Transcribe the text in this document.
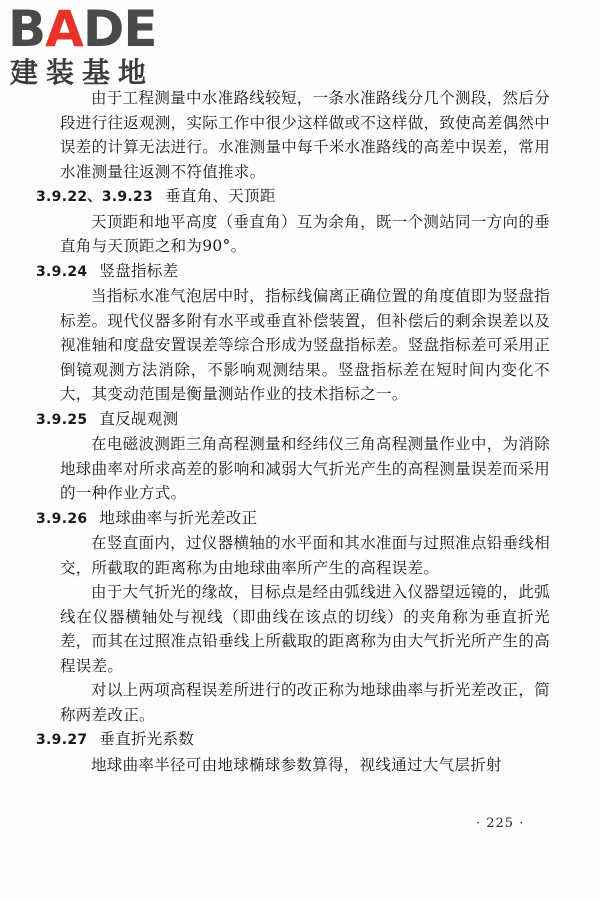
BADE
建装基地

由于工程测量中水准路线较短，一条水准路线分几个测段，然后分段进行往返观测，实际工作中很少这样做或不这样做，致使高差偶然中误差的计算无法进行。水准测量中每千米水准路线的高差中误差，常用水准测量往返测不符值推求。

3.9.22、3.9.23 垂直角、天顶距

天顶距和地平高度（垂直角）互为余角，既一个测站同一方向的垂直角与天顶距之和为90°。

3.9.24 竖盘指标差

当指标水准气泡居中时，指标线偏离正确位置的角度值即为竖盘指标差。现代仪器多附有水平或垂直补偿装置，但补偿后的剩余误差以及视准轴和度盘安置误差等综合形成为竖盘指标差。竖盘指标差可采用正倒镜观测方法消除，不影响观测结果。竖盘指标差在短时间内变化不大，其变动范围是衡量测站作业的技术指标之一。

3.9.25 直反觇观测

在电磁波测距三角高程测量和经纬仪三角高程测量作业中，为消除地球曲率对所求高差的影响和减弱大气折光产生的高程测量误差而采用的一种作业方式。

3.9.26 地球曲率与折光差改正

在竖直面内，过仪器横轴的水平面和其水准面与过照准点铅垂线相交，所截取的距离称为由地球曲率所产生的高程误差。

由于大气折光的缘故，目标点是经由弧线进入仪器望远镜的，此弧线在仪器横轴处与视线（即曲线在该点的切线）的夹角称为垂直折光差，而其在过照准点铅垂线上所截取的距离称为由大气折光所产生的高程误差。

对以上两项高程误差所进行的改正称为地球曲率与折光差改正，简称两差改正。

3.9.27 垂直折光系数

地球曲率半径可由地球椭球参数算得，视线通过大气层折射

· 225 ·
